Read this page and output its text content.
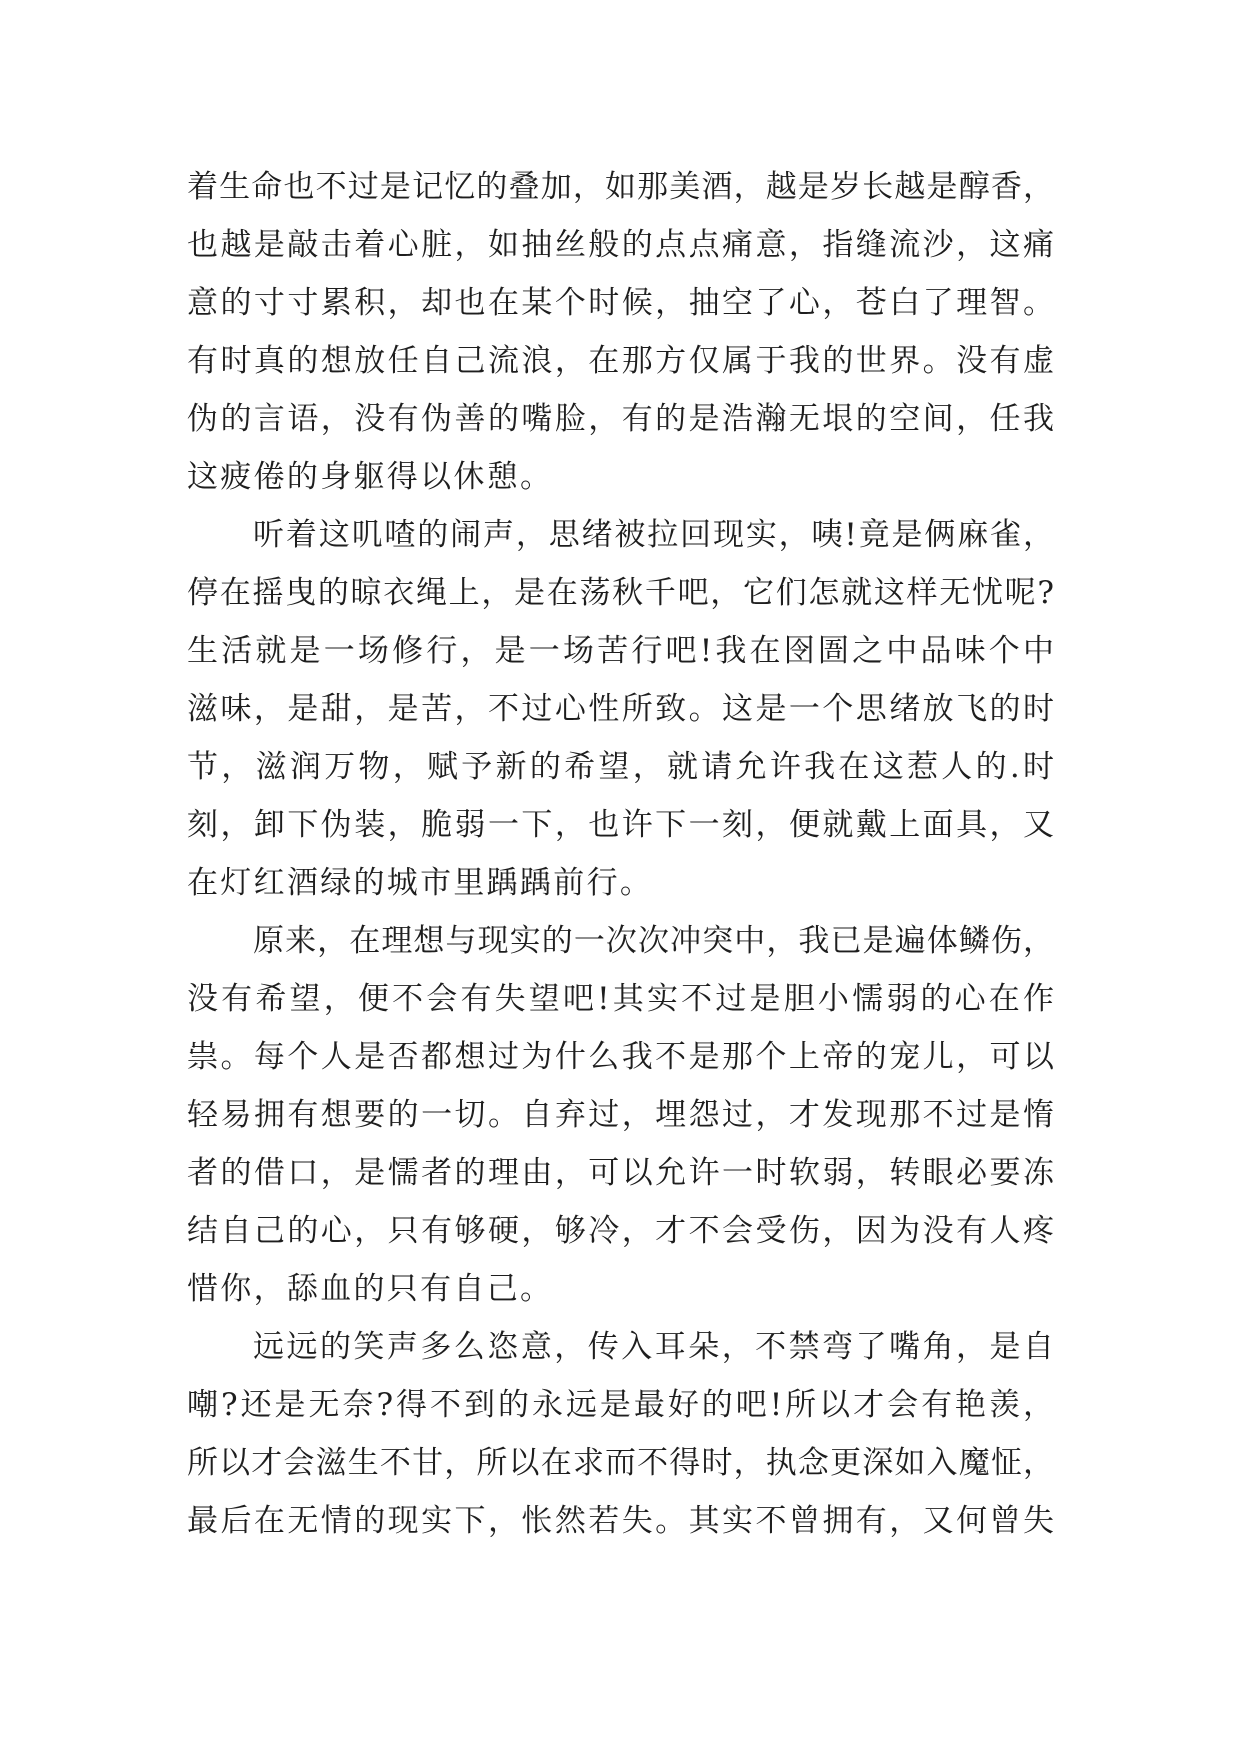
着生命也不过是记忆的叠加，如那美酒，越是岁长越是醇香，
也越是敲击着心脏，如抽丝般的点点痛意，指缝流沙，这痛
意的寸寸累积，却也在某个时候，抽空了心，苍白了理智。
有时真的想放任自己流浪，在那方仅属于我的世界。没有虚
伪的言语，没有伪善的嘴脸，有的是浩瀚无垠的空间，任我
这疲倦的身躯得以休憩。
听着这叽喳的闹声，思绪被拉回现实，咦!竟是俩麻雀，
停在摇曳的晾衣绳上，是在荡秋千吧，它们怎就这样无忧呢?
生活就是一场修行，是一场苦行吧!我在囹圄之中品味个中
滋味，是甜，是苦，不过心性所致。这是一个思绪放飞的时
节，滋润万物，赋予新的希望，就请允许我在这惹人的.时
刻，卸下伪装，脆弱一下，也许下一刻，便就戴上面具，又
在灯红酒绿的城市里踽踽前行。
原来，在理想与现实的一次次冲突中，我已是遍体鳞伤，
没有希望，便不会有失望吧!其实不过是胆小懦弱的心在作
祟。每个人是否都想过为什么我不是那个上帝的宠儿，可以
轻易拥有想要的一切。自弃过，埋怨过，才发现那不过是惰
者的借口，是懦者的理由，可以允许一时软弱，转眼必要冻
结自己的心，只有够硬，够冷，才不会受伤，因为没有人疼
惜你，舔血的只有自己。
远远的笑声多么恣意，传入耳朵，不禁弯了嘴角，是自
嘲?还是无奈?得不到的永远是最好的吧!所以才会有艳羡，
所以才会滋生不甘，所以在求而不得时，执念更深如入魔怔，
最后在无情的现实下，怅然若失。其实不曾拥有，又何曾失
